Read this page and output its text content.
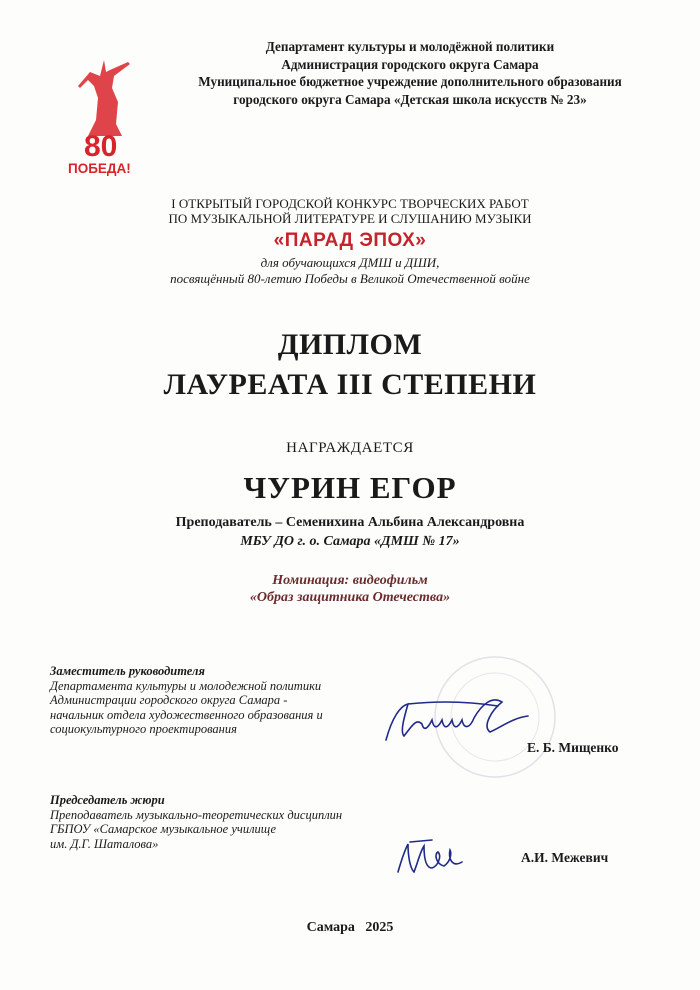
Департамент культуры и молодёжной политики
Администрация городского округа Самара
Муниципальное бюджетное учреждение дополнительного образования
городского округа Самара «Детская школа искусств № 23»
80
ПОБЕДА!
I ОТКРЫТЫЙ ГОРОДСКОЙ КОНКУРС ТВОРЧЕСКИХ РАБОТ
ПО МУЗЫКАЛЬНОЙ ЛИТЕРАТУРЕ И СЛУШАНИЮ МУЗЫКИ
«ПАРАД ЭПОХ»
для обучающихся ДМШ и ДШИ,
посвящённый 80-летию Победы в Великой Отечественной войне
ДИПЛОМ
ЛАУРЕАТА III СТЕПЕНИ
НАГРАЖДАЕТСЯ
ЧУРИН ЕГОР
Преподаватель – Семенихина Альбина Александровна
МБУ ДО г. о. Самара «ДМШ № 17»
Номинация: видеофильм
«Образ защитника Отечества»
Заместитель руководителя
Департамента культуры и молодежной политики
Администрации городского округа Самара -
начальник отдела художественного образования и
социокультурного проектирования
Е. Б. Мищенко
Председатель жюри
Преподаватель музыкально-теоретических дисциплин
ГБПОУ «Самарское музыкальное училище
им. Д.Г. Шаталова»
А.И. Межевич
Самара 2025
